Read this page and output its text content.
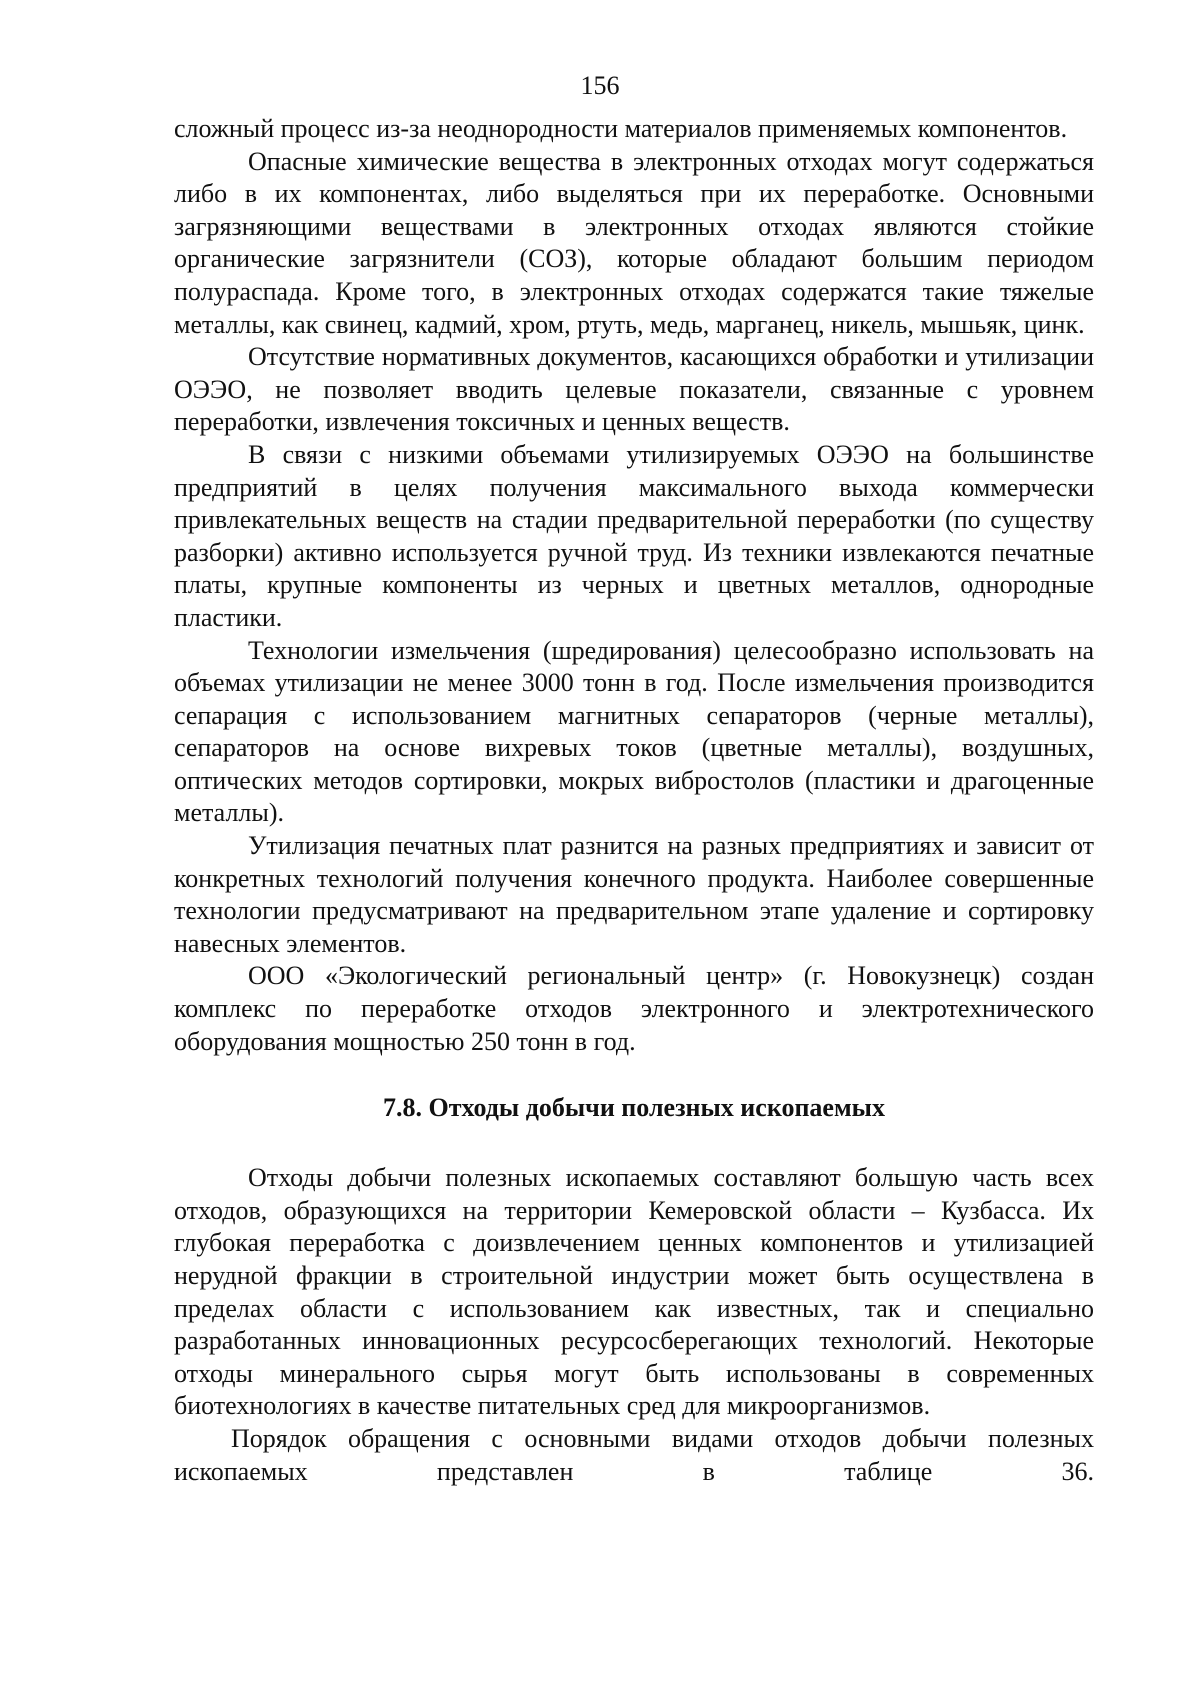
156

сложный процесс из-за неоднородности материалов применяемых компонентов.

Опасные химические вещества в электронных отходах могут содержаться либо в их компонентах, либо выделяться при их переработке. Основными загрязняющими веществами в электронных отходах являются стойкие органические загрязнители (СОЗ), которые обладают большим периодом полураспада. Кроме того, в электронных отходах содержатся такие тяжелые металлы, как свинец, кадмий, хром, ртуть, медь, марганец, никель, мышьяк, цинк.

Отсутствие нормативных документов, касающихся обработки и утилизации ОЭЭО, не позволяет вводить целевые показатели, связанные с уровнем переработки, извлечения токсичных и ценных веществ.

В связи с низкими объемами утилизируемых ОЭЭО на большинстве предприятий в целях получения максимального выхода коммерчески привлекательных веществ на стадии предварительной переработки (по существу разборки) активно используется ручной труд. Из техники извлекаются печатные платы, крупные компоненты из черных и цветных металлов, однородные пластики.

Технологии измельчения (шредирования) целесообразно использовать на объемах утилизации не менее 3000 тонн в год. После измельчения производится сепарация с использованием магнитных сепараторов (черные металлы), сепараторов на основе вихревых токов (цветные металлы), воздушных, оптических методов сортировки, мокрых вибростолов (пластики и драгоценные металлы).

Утилизация печатных плат разнится на разных предприятиях и зависит от конкретных технологий получения конечного продукта. Наиболее совершенные технологии предусматривают на предварительном этапе удаление и сортировку навесных элементов.

ООО «Экологический региональный центр» (г. Новокузнецк) создан комплекс по переработке отходов электронного и электротехнического оборудования мощностью 250 тонн в год.

7.8. Отходы добычи полезных ископаемых

Отходы добычи полезных ископаемых составляют большую часть всех отходов, образующихся на территории Кемеровской области – Кузбасса. Их глубокая переработка с доизвлечением ценных компонентов и утилизацией нерудной фракции в строительной индустрии может быть осуществлена в пределах области с использованием как известных, так и специально разработанных инновационных ресурсосберегающих технологий. Некоторые отходы минерального сырья могут быть использованы в современных биотехнологиях в качестве питательных сред для микроорганизмов.

Порядок обращения с основными видами отходов добычи полезных ископаемых представлен в таблице 36.
